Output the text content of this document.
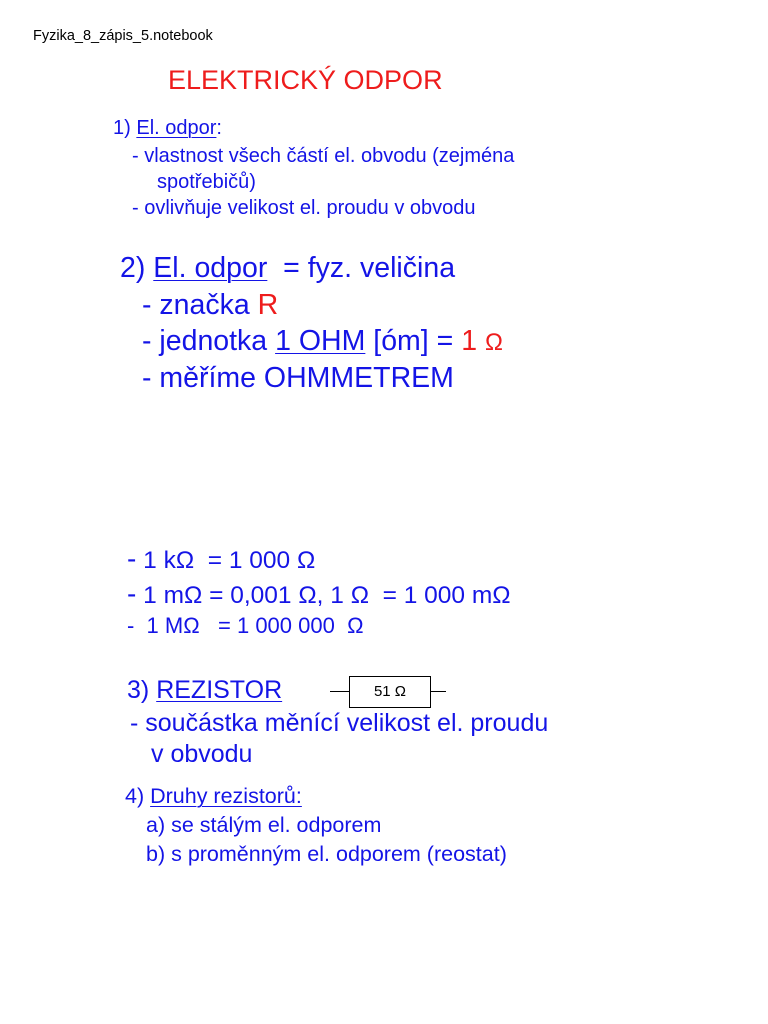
Fyzika_8_zápis_5.notebook
ELEKTRICKÝ ODPOR
1) El. odpor:
- vlastnost všech částí el. obvodu (zejména
spotřebičů)
- ovlivňuje velikost el. proudu v obvodu
2) El. odpor  = fyz. veličina
- značka R
- jednotka 1 OHM [óm] = 1 Ω
- měříme OHMMETREM
- 1 kΩ  = 1 000 Ω
- 1 mΩ = 0,001 Ω, 1 Ω  = 1 000 mΩ
-  1 MΩ   = 1 000 000  Ω
3) REZISTOR	51 Ω
- součástka měnící velikost el. proudu
v obvodu
4) Druhy rezistorů:
a) se stálým el. odporem
b) s proměnným el. odporem (reostat)
